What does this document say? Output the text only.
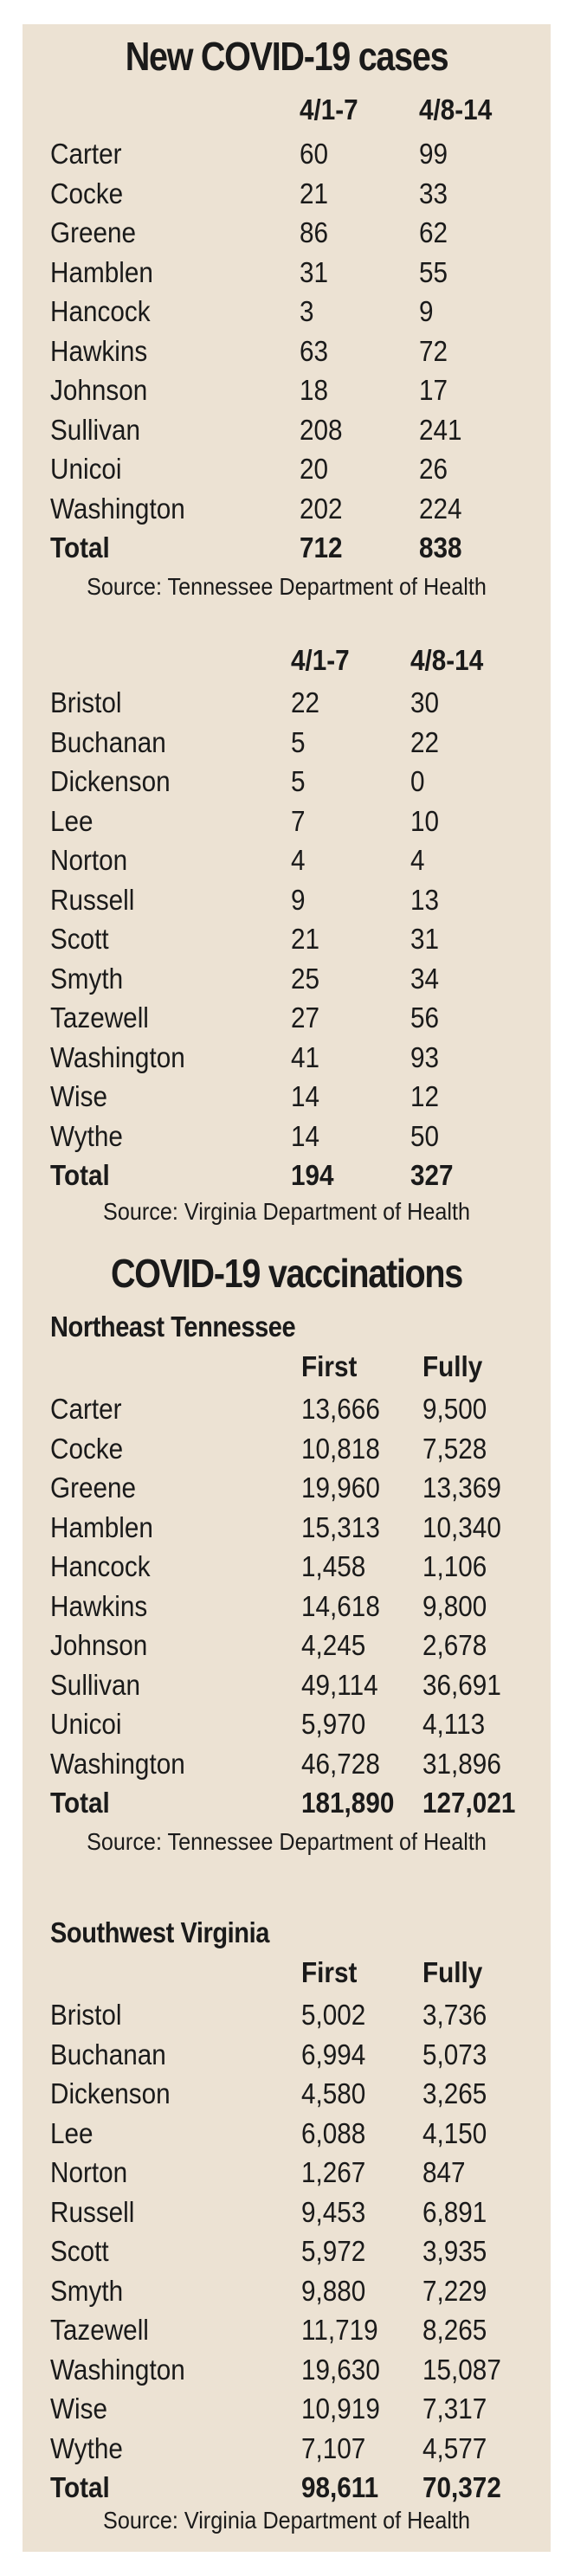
New COVID-19 cases
COVID-19 vaccinations
Northeast Tennessee
Southwest Virginia
4/1-7 4/8-14
Carter	60	99
Cocke	21	33
Greene	86	62
Hamblen	31	55
Hancock	3	9
Hawkins	63	72
Johnson	18	17
Sullivan	208	241
Unicoi	20	26
Washington	202	224
Total	712	838
Source: Tennessee Department of Health
4/1-7 4/8-14
Bristol	22	30
Buchanan	5	22
Dickenson	5	0
Lee	7	10
Norton	4	4
Russell	9	13
Scott	21	31
Smyth	25	34
Tazewell	27	56
Washington	41	93
Wise	14	12
Wythe	14	50
Total	194	327
Source: Virginia Department of Health
First Fully
Carter	13,666 9,500
Cocke	10,818 7,528
Greene	19,960 13,369
Hamblen	15,313 10,340
Hancock	1,458 1,106
Hawkins	14,618 9,800
Johnson	4,245 2,678
Sullivan	49,114 36,691
Unicoi	5,970 4,113
Washington	46,728 31,896
Total	181,890 127,021
Source: Tennessee Department of Health
First Fully
Bristol	5,002 3,736
Buchanan	6,994 5,073
Dickenson	4,580 3,265
Lee	6,088 4,150
Norton	1,267 847
Russell	9,453 6,891
Scott	5,972 3,935
Smyth	9,880 7,229
Tazewell	11,719 8,265
Washington	19,630 15,087
Wise	10,919 7,317
Wythe	7,107 4,577
Total	98,611 70,372
Source: Virginia Department of Health
